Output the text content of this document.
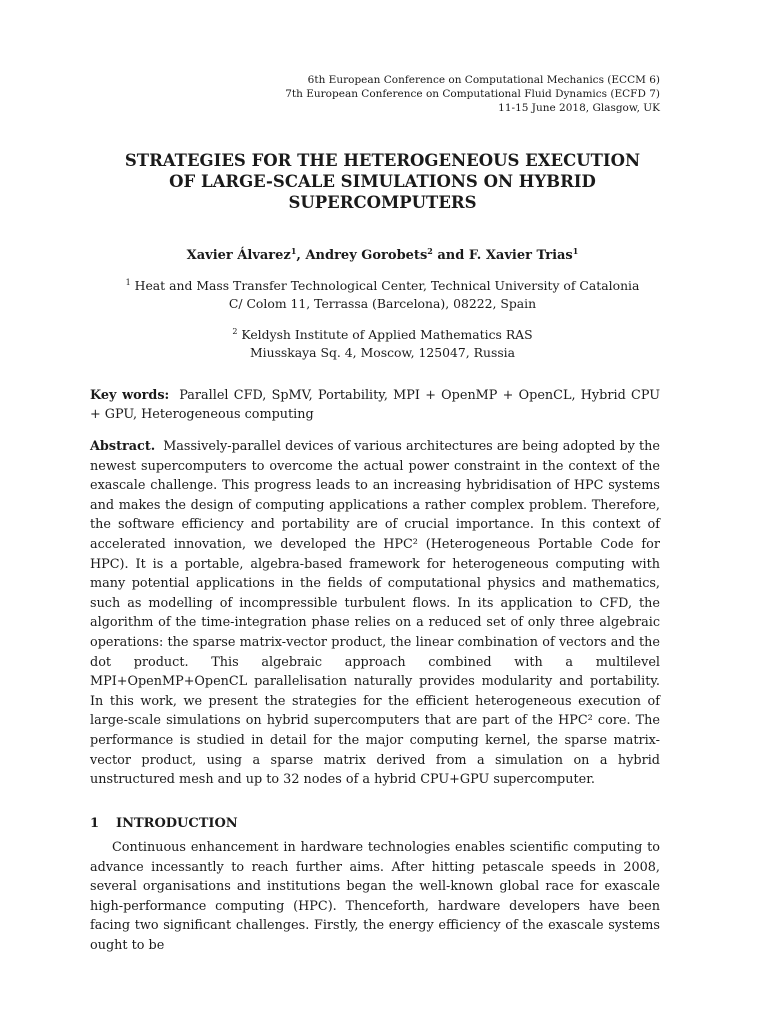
6th European Conference on Computational Mechanics (ECCM 6)
7th European Conference on Computational Fluid Dynamics (ECFD 7)
11-15 June 2018, Glasgow, UK
STRATEGIES FOR THE HETEROGENEOUS EXECUTION
OF LARGE-SCALE SIMULATIONS ON HYBRID
SUPERCOMPUTERS
Xavier Álvarez$^1$, Andrey Gorobets$^2$ and F. Xavier Trias$^1$
$^1$ Heat and Mass Transfer Technological Center, Technical University of Catalonia
C/ Colom 11, Terrassa (Barcelona), 08222, Spain
$^2$ Keldysh Institute of Applied Mathematics RAS
Miusskaya Sq. 4, Moscow, 125047, Russia
Key words: Parallel CFD, SpMV, Portability, MPI + OpenMP + OpenCL, Hybrid CPU + GPU, Heterogeneous computing
Abstract. Massively-parallel devices of various architectures are being adopted by the newest supercomputers to overcome the actual power constraint in the context of the exascale challenge. This progress leads to an increasing hybridisation of HPC systems and makes the design of computing applications a rather complex problem. Therefore, the software efficiency and portability are of crucial importance. In this context of accelerated innovation, we developed the HPC² (Heterogeneous Portable Code for HPC). It is a portable, algebra-based framework for heterogeneous computing with many potential applications in the fields of computational physics and mathematics, such as modelling of incompressible turbulent flows. In its application to CFD, the algorithm of the time-integration phase relies on a reduced set of only three algebraic operations: the sparse matrix-vector product, the linear combination of vectors and the dot product. This algebraic approach combined with a multilevel MPI+OpenMP+OpenCL parallelisation naturally provides modularity and portability. In this work, we present the strategies for the efficient heterogeneous execution of large-scale simulations on hybrid supercomputers that are part of the HPC² core. The performance is studied in detail for the major computing kernel, the sparse matrix-vector product, using a sparse matrix derived from a simulation on a hybrid unstructured mesh and up to 32 nodes of a hybrid CPU+GPU supercomputer.
1 INTRODUCTION
Continuous enhancement in hardware technologies enables scientific computing to advance incessantly to reach further aims. After hitting petascale speeds in 2008, several organisations and institutions began the well-known global race for exascale high-performance computing (HPC). Thenceforth, hardware developers have been facing two significant challenges. Firstly, the energy efficiency of the exascale systems ought to be
